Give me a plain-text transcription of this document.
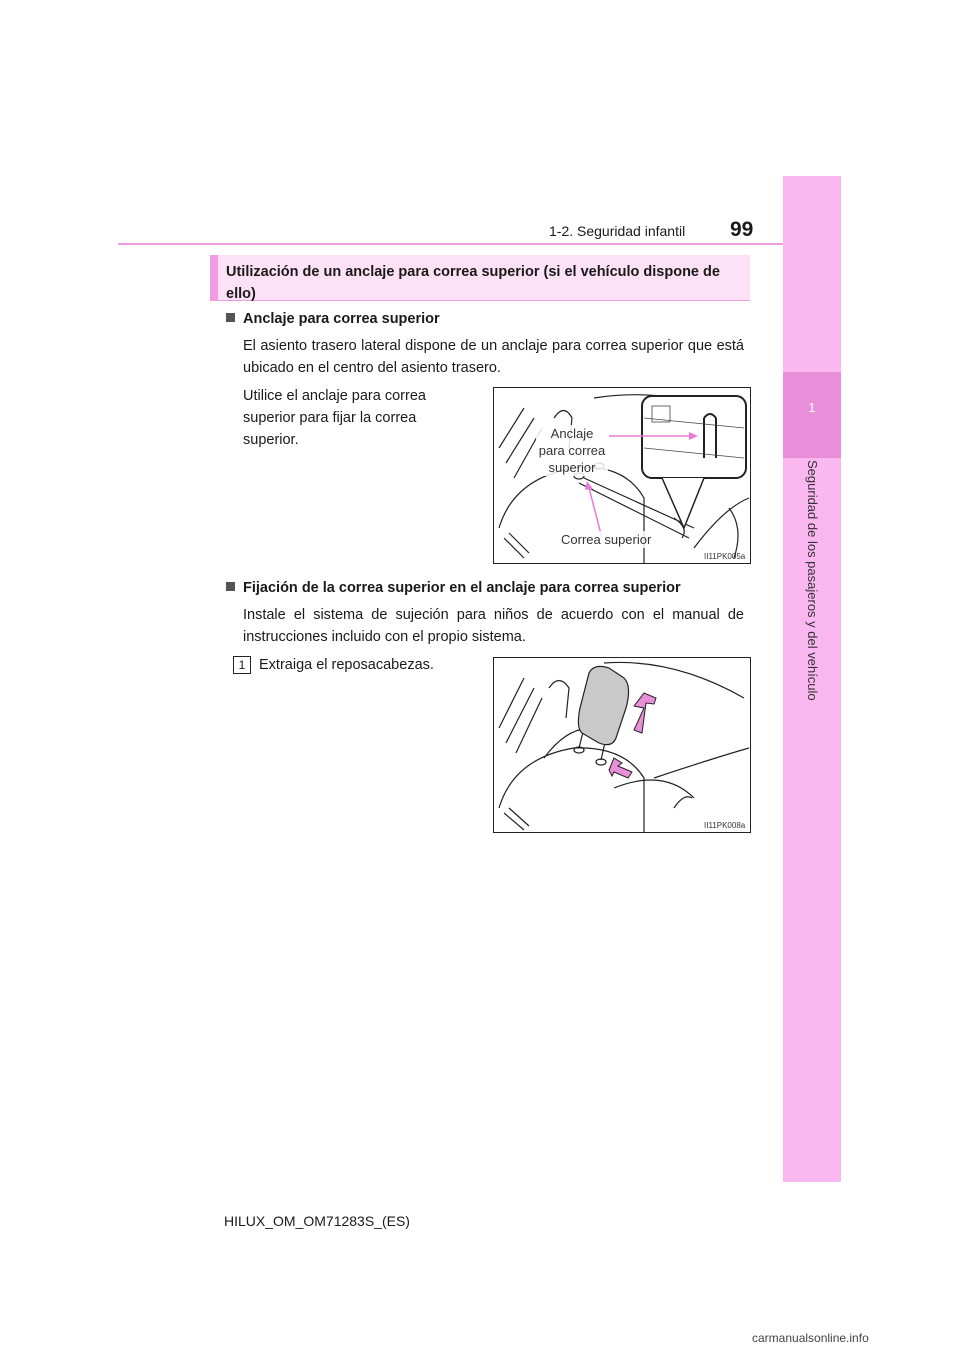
1
Seguridad de los pasajeros y del vehículo
1-2. Seguridad infantil 99
Utilización de un anclaje para correa superior (si el vehículo dispone de ello)
Anclaje para correa superior
El asiento trasero lateral dispone de un anclaje para correa superior que está ubicado en el centro del asiento trasero.
Utilice el anclaje para correa superior para fijar la correa superior.	Anclaje para correa superior
Correa superior
II11PK005a
Fijación de la correa superior en el anclaje para correa superior
Instale el sistema de sujeción para niños de acuerdo con el manual de instrucciones incluido con el propio sistema.
1 Extraiga el reposacabezas.
II11PK008a
HILUX_OM_OM71283S_(ES)
carmanualsonline.info
